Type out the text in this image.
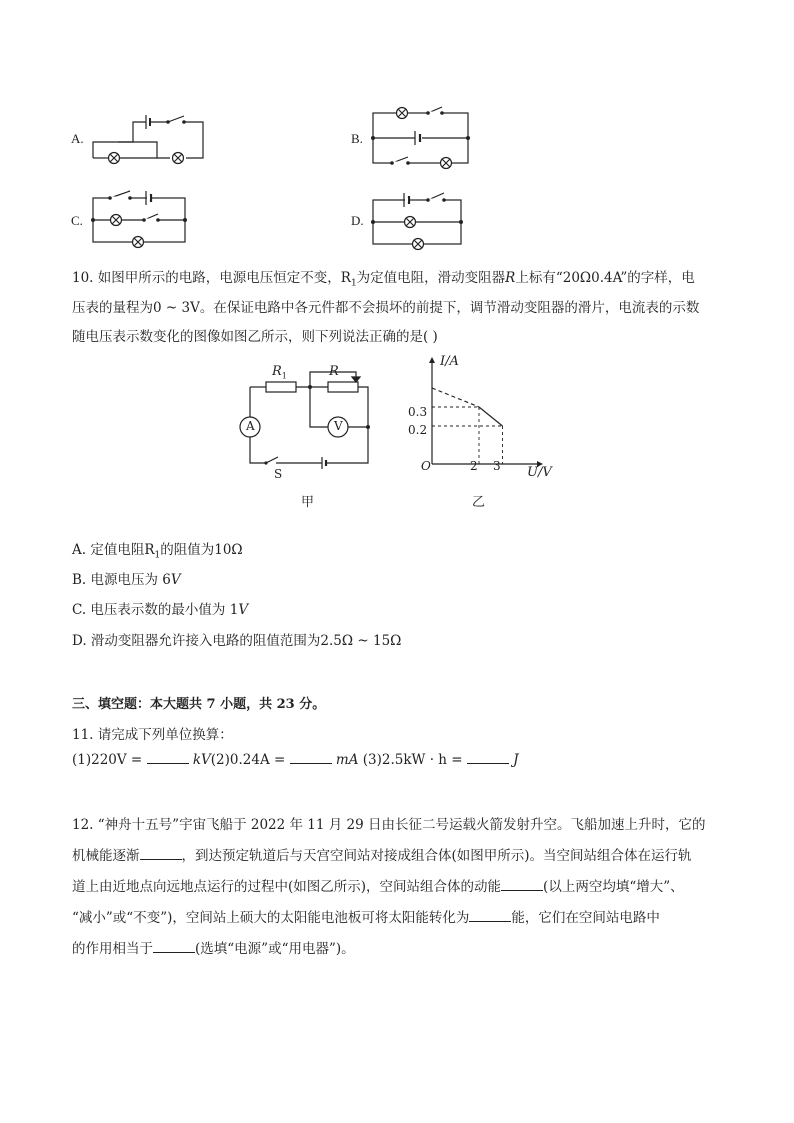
A.	B.
C.	D.
10. 如图甲所示的电路，电源电压恒定不变，$R_1$为定值电阻，滑动变阻器R上标有“20Ω0.4A”的字样，电
压表的量程为0 ~ 3V。在保证电路中各元件都不会损坏的前提下，调节滑动变阻器的滑片，电流表的示数
随电压表示数变化的图像如图乙所示，则下列说法正确的是( )
$R_1$	R
A	V
S
甲
I/A
U/V
O
0.3
0.2
2 3
乙
A. 定值电阻$R_1$的阻值为10Ω
B. 电源电压为 6V
C. 电压表示数的最小值为 1V
D. 滑动变阻器允许接入电路的阻值范围为2.5Ω ~ 15Ω
三、填空题：本大题共 7 小题，共 23 分。
11. 请完成下列单位换算：
(1)220V =	kV(2)0.24A =	mA (3)2.5kW · h =	J
12. “神舟十五号”宇宙飞船于 2022 年 11 月 29 日由长征二号运载火箭发射升空。飞船加速上升时，它的
机械能逐渐	，到达预定轨道后与天宫空间站对接成组合体(如图甲所示)。当空间站组合体在运行轨
道上由近地点向远地点运行的过程中(如图乙所示)，空间站组合体的动能	(以上两空均填“增大”、
“减小”或“不变”)，空间站上硕大的太阳能电池板可将太阳能转化为	能，它们在空间站电路中
的作用相当于	(选填“电源”或“用电器”)。
